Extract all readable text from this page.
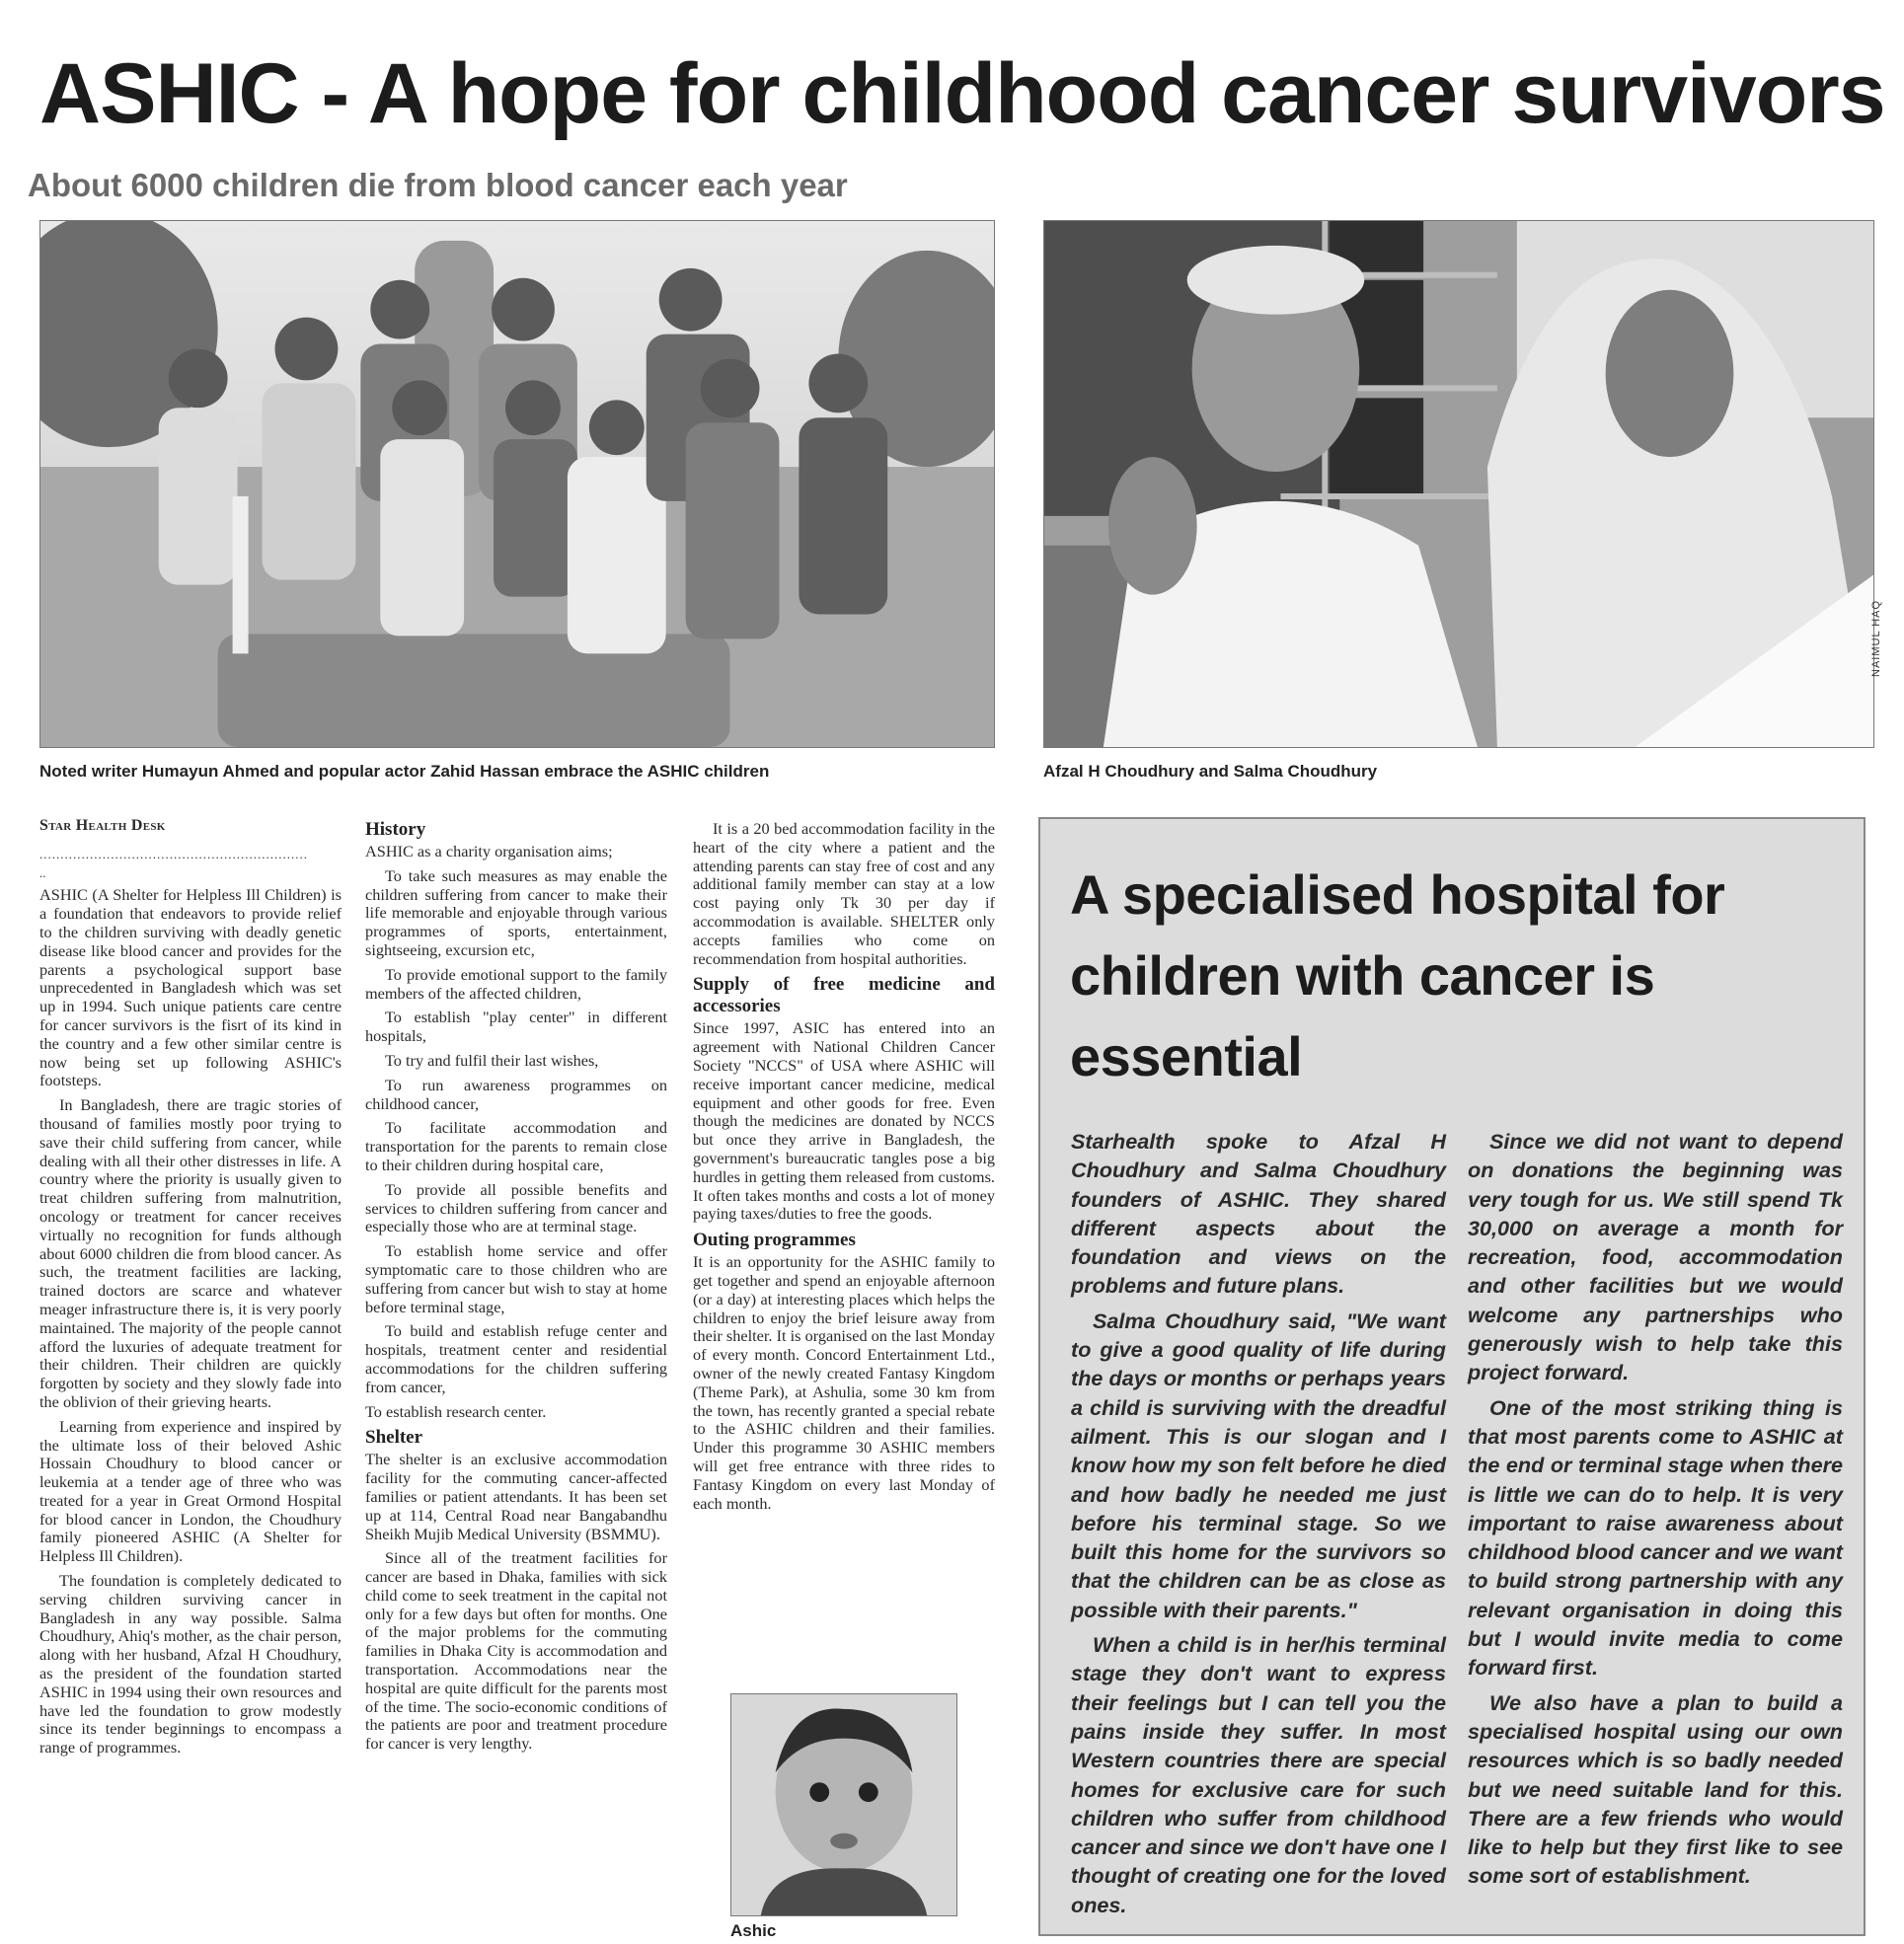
ASHIC - A hope for childhood cancer survivors
About 6000 children die from blood cancer each year
Noted writer Humayun Ahmed and popular actor Zahid Hassan embrace the ASHIC children	Afzal H Choudhury and Salma Choudhury
NAIMUL HAQ
Star Health Desk
................................................................
..

ASHIC (A Shelter for Helpless Ill Children) is a foundation that endeavors to provide relief to the children surviving with deadly genetic disease like blood cancer and provides for the parents a psychological support base unprecedented in Bangladesh which was set up in 1994. Such unique patients care centre for cancer survivors is the fisrt of its kind in the country and a few other similar centre is now being set up following ASHIC's footsteps.

In Bangladesh, there are tragic stories of thousand of families mostly poor trying to save their child suffering from cancer, while dealing with all their other distresses in life. A country where the priority is usually given to treat children suffering from malnutrition, oncology or treatment for cancer receives virtually no recognition for funds although about 6000 children die from blood cancer. As such, the treatment facilities are lacking, trained doctors are scarce and whatever meager infrastructure there is, it is very poorly maintained. The majority of the people cannot afford the luxuries of adequate treatment for their children. Their children are quickly forgotten by society and they slowly fade into the oblivion of their grieving hearts.

Learning from experience and inspired by the ultimate loss of their beloved Ashic Hossain Choudhury to blood cancer or leukemia at a tender age of three who was treated for a year in Great Ormond Hospital for blood cancer in London, the Choudhury family pioneered ASHIC (A Shelter for Helpless Ill Children).

The foundation is completely dedicated to serving children surviving cancer in Bangladesh in any way possible. Salma Choudhury, Ahiq's mother, as the chair person, along with her husband, Afzal H Choudhury, as the president of the foundation started ASHIC in 1994 using their own resources and have led the foundation to grow modestly since its tender beginnings to encompass a range of programmes.

History

ASHIC as a charity organisation aims;

To take such measures as may enable the children suffering from cancer to make their life memorable and enjoyable through various programmes of sports, entertainment, sightseeing, excursion etc,

To provide emotional support to the family members of the affected children,

To establish "play center" in different hospitals,

To try and fulfil their last wishes,

To run awareness programmes on childhood cancer,

To facilitate accommodation and transportation for the parents to remain close to their children during hospital care,

To provide all possible benefits and services to children suffering from cancer and especially those who are at terminal stage.

To establish home service and offer symptomatic care to those children who are suffering from cancer but wish to stay at home before terminal stage,

To build and establish refuge center and hospitals, treatment center and residential accommodations for the children suffering from cancer,

To establish research center.

Shelter

The shelter is an exclusive accommodation facility for the commuting cancer-affected families or patient attendants. It has been set up at 114, Central Road near Bangabandhu Sheikh Mujib Medical University (BSMMU).

Since all of the treatment facilities for cancer are based in Dhaka, families with sick child come to seek treatment in the capital not only for a few days but often for months. One of the major problems for the commuting families in Dhaka City is accommodation and transportation. Accommodations near the hospital are quite difficult for the parents most of the time. The socio-economic conditions of the patients are poor and treatment procedure for cancer is very lengthy.

It is a 20 bed accommodation facility in the heart of the city where a patient and the attending parents can stay free of cost and any additional family member can stay at a low cost paying only Tk 30 per day if accommodation is available. SHELTER only accepts families who come on recommendation from hospital authorities.

Supply of free medicine and accessories

Since 1997, ASIC has entered into an agreement with National Children Cancer Society "NCCS" of USA where ASHIC will receive important cancer medicine, medical equipment and other goods for free. Even though the medicines are donated by NCCS but once they arrive in Bangladesh, the government's bureaucratic tangles pose a big hurdles in getting them released from customs. It often takes months and costs a lot of money paying taxes/duties to free the goods.

Outing programmes

It is an opportunity for the ASHIC family to get together and spend an enjoyable afternoon (or a day) at interesting places which helps the children to enjoy the brief leisure away from their shelter. It is organised on the last Monday of every month. Concord Entertainment Ltd., owner of the newly created Fantasy Kingdom (Theme Park), at Ashulia, some 30 km from the town, has recently granted a special rebate to the ASHIC children and their families. Under this programme 30 ASHIC members will get free entrance with three rides to Fantasy Kingdom on every last Monday of each month.

Ashic
A specialised hospital for children with cancer is essential

Starhealth spoke to Afzal H Choudhury and Salma Choudhury founders of ASHIC. They shared different aspects about the foundation and views on the problems and future plans.

Salma Choudhury said, "We want to give a good quality of life during the days or months or perhaps years a child is surviving with the dreadful ailment. This is our slogan and I know how my son felt before he died and how badly he needed me just before his terminal stage. So we built this home for the survivors so that the children can be as close as possible with their parents."

When a child is in her/his terminal stage they don't want to express their feelings but I can tell you the pains inside they suffer. In most Western countries there are special homes for exclusive care for such children who suffer from childhood cancer and since we don't have one I thought of creating one for the loved ones.

Since we did not want to depend on donations the beginning was very tough for us. We still spend Tk 30,000 on average a month for recreation, food, accommodation and other facilities but we would welcome any partnerships who generously wish to help take this project forward.

One of the most striking thing is that most parents come to ASHIC at the end or terminal stage when there is little we can do to help. It is very important to raise awareness about childhood blood cancer and we want to build strong partnership with any relevant organisation in doing this but I would invite media to come forward first.

We also have a plan to build a specialised hospital using our own resources which is so badly needed but we need suitable land for this. There are a few friends who would like to help but they first like to see some sort of establishment.
